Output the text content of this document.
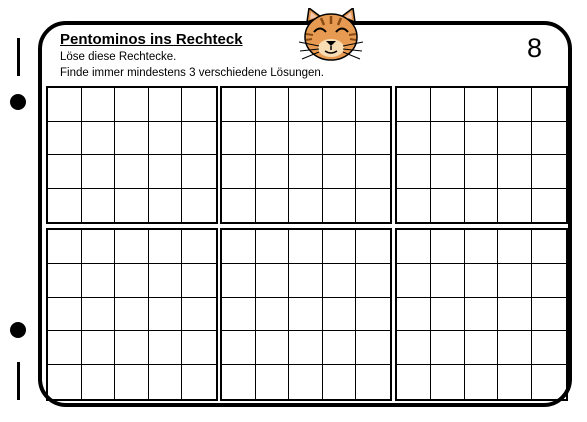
Pentominos ins Rechteck

Löse diese Rechtecke.

Finde immer mindestens 3 verschiedene Lösungen.

8
